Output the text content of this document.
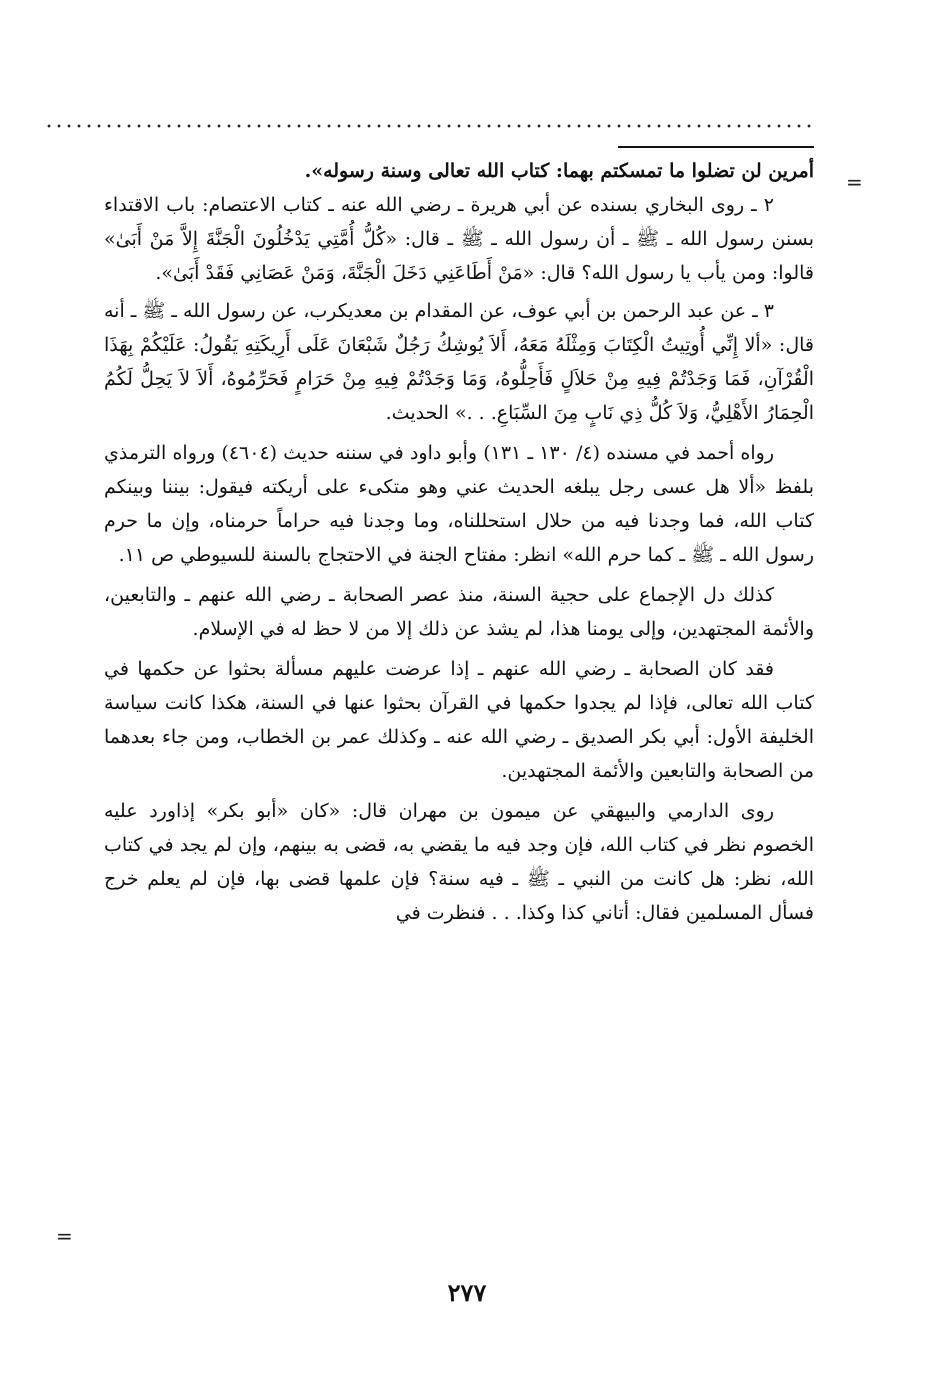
=
=

أمرين لن تضلوا ما تمسكتم بهما: كتاب الله تعالى وسنة رسوله».

٢ ـ روى البخاري بسنده عن أبي هريرة ـ رضي الله عنه ـ كتاب الاعتصام: باب الاقتداء بسنن رسول الله ـ ﷺ ـ أن رسول الله ـ ﷺ ـ قال: «كُلُّ أُمَّتِي يَدْخُلُونَ الْجَنَّةَ إِلاَّ مَنْ أَبَىٰ» قالوا: ومن يأب يا رسول الله؟ قال: «مَنْ أَطَاعَنِي دَخَلَ الْجَنَّةَ، وَمَنْ عَصَانِي فَقَدْ أَبَىٰ».

٣ ـ عن عبد الرحمن بن أبي عوف، عن المقدام بن معديكرب، عن رسول الله ـ ﷺ ـ أنه قال: «ألا إِنِّي أُوتِيتُ الْكِتَابَ وَمِثْلَهُ مَعَهُ، أَلاَ يُوشِكُ رَجُلٌ شَبْعَانَ عَلَى أَرِيكَتِهِ يَقُولُ: عَلَيْكُمْ بِهَذَا الْقُرْآنِ، فَمَا وَجَدْتُمْ فِيهِ مِنْ حَلاَلٍ فَأَحِلُّوهُ، وَمَا وَجَدْتُمْ فِيهِ مِنْ حَرَامٍ فَحَرِّمُوهُ، أَلاَ لاَ يَحِلُّ لَكُمُ الْحِمَارُ الأَهْلِيُّ، وَلاَ كُلُّ ذِي نَابٍ مِنَ السِّبَاعِ. . .» الحديث.

رواه أحمد في مسنده (٤/ ١٣٠ ـ ١٣١) وأبو داود في سننه حديث (٤٦٠٤) ورواه الترمذي بلفظ «ألا هل عسى رجل يبلغه الحديث عني وهو متكىء على أريكته فيقول: بيننا وبينكم كتاب الله، فما وجدنا فيه من حلال استحللناه، وما وجدنا فيه حراماً حرمناه، وإن ما حرم رسول الله ـ ﷺ ـ كما حرم الله» انظر: مفتاح الجنة في الاحتجاج بالسنة للسيوطي ص ١١.

كذلك دل الإجماع على حجية السنة، منذ عصر الصحابة ـ رضي الله عنهم ـ والتابعين، والأئمة المجتهدين، وإلى يومنا هذا، لم يشذ عن ذلك إلا من لا حظ له في الإسلام.

فقد كان الصحابة ـ رضي الله عنهم ـ إذا عرضت عليهم مسألة بحثوا عن حكمها في كتاب الله تعالى، فإذا لم يجدوا حكمها في القرآن بحثوا عنها في السنة، هكذا كانت سياسة الخليفة الأول: أبي بكر الصديق ـ رضي الله عنه ـ وكذلك عمر بن الخطاب، ومن جاء بعدهما من الصحابة والتابعين والأئمة المجتهدين.

روى الدارمي والبيهقي عن ميمون بن مهران قال: «كان «أبو بكر» إذاورد عليه الخصوم نظر في كتاب الله، فإن وجد فيه ما يقضي به، قضى به بينهم، وإن لم يجد في كتاب الله، نظر: هل كانت من النبي ـ ﷺ ـ فيه سنة؟ فإن علمها قضى بها، فإن لم يعلم خرج فسأل المسلمين فقال: أتاني كذا وكذا. . . فنظرت في

٢٧٧
